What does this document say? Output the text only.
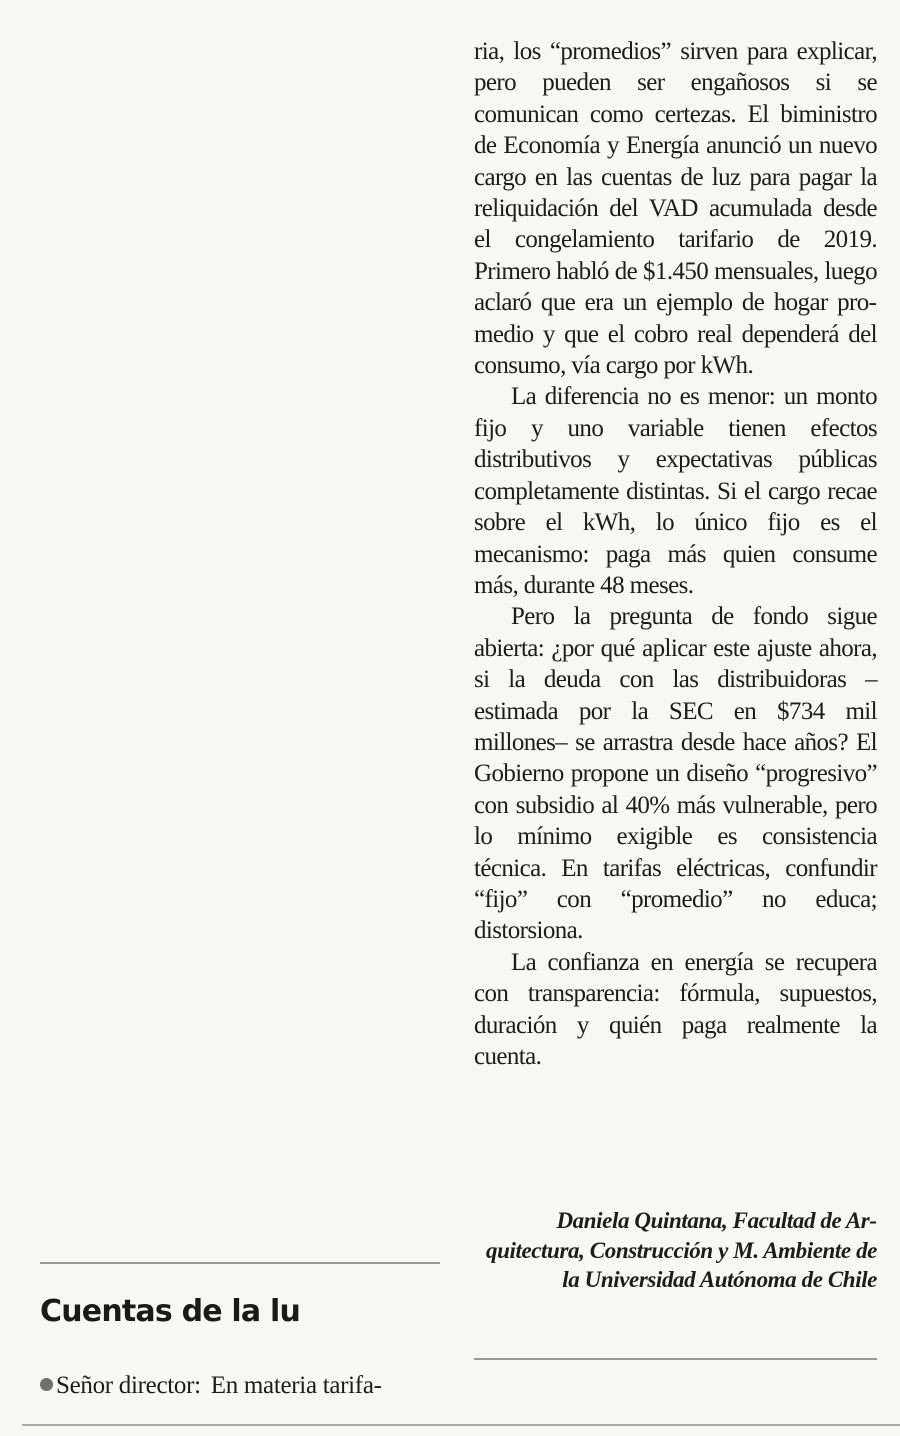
ria, los “promedios” sirven para explicar, pero pueden ser engañosos si se comunican como certezas. El biministro de Economía y Energía anunció un nuevo cargo en las cuentas de luz para pagar la reliquidación del VAD acumulada desde el congelamiento tarifario de 2019. Primero habló de $1.450 mensuales, luego aclaró que era un ejemplo de hogar promedio y que el cobro real dependerá del consumo, vía cargo por kWh.

La diferencia no es menor: un monto fijo y uno variable tienen efectos distributivos y expectativas públicas completamente distintas. Si el cargo recae sobre el kWh, lo único fijo es el mecanismo: paga más quien consume más, durante 48 meses.

Pero la pregunta de fondo sigue abierta: ¿por qué aplicar este ajuste ahora, si la deuda con las distribuidoras –estimada por la SEC en $734 mil millones– se arrastra desde hace años? El Gobierno propone un diseño “progresivo” con subsidio al 40% más vulnerable, pero lo mínimo exigible es consistencia técnica. En tarifas eléctricas, confundir “fijo” con “promedio” no educa; distorsiona.

La confianza en energía se recupera con transparencia: fórmula, supuestos, duración y quién paga realmente la cuenta.

Daniela Quintana, Facultad de Arquitectura, Construcción y M. Ambiente de la Universidad Autónoma de Chile

Cuentas de la lu

Señor director: En materia tarifa-
